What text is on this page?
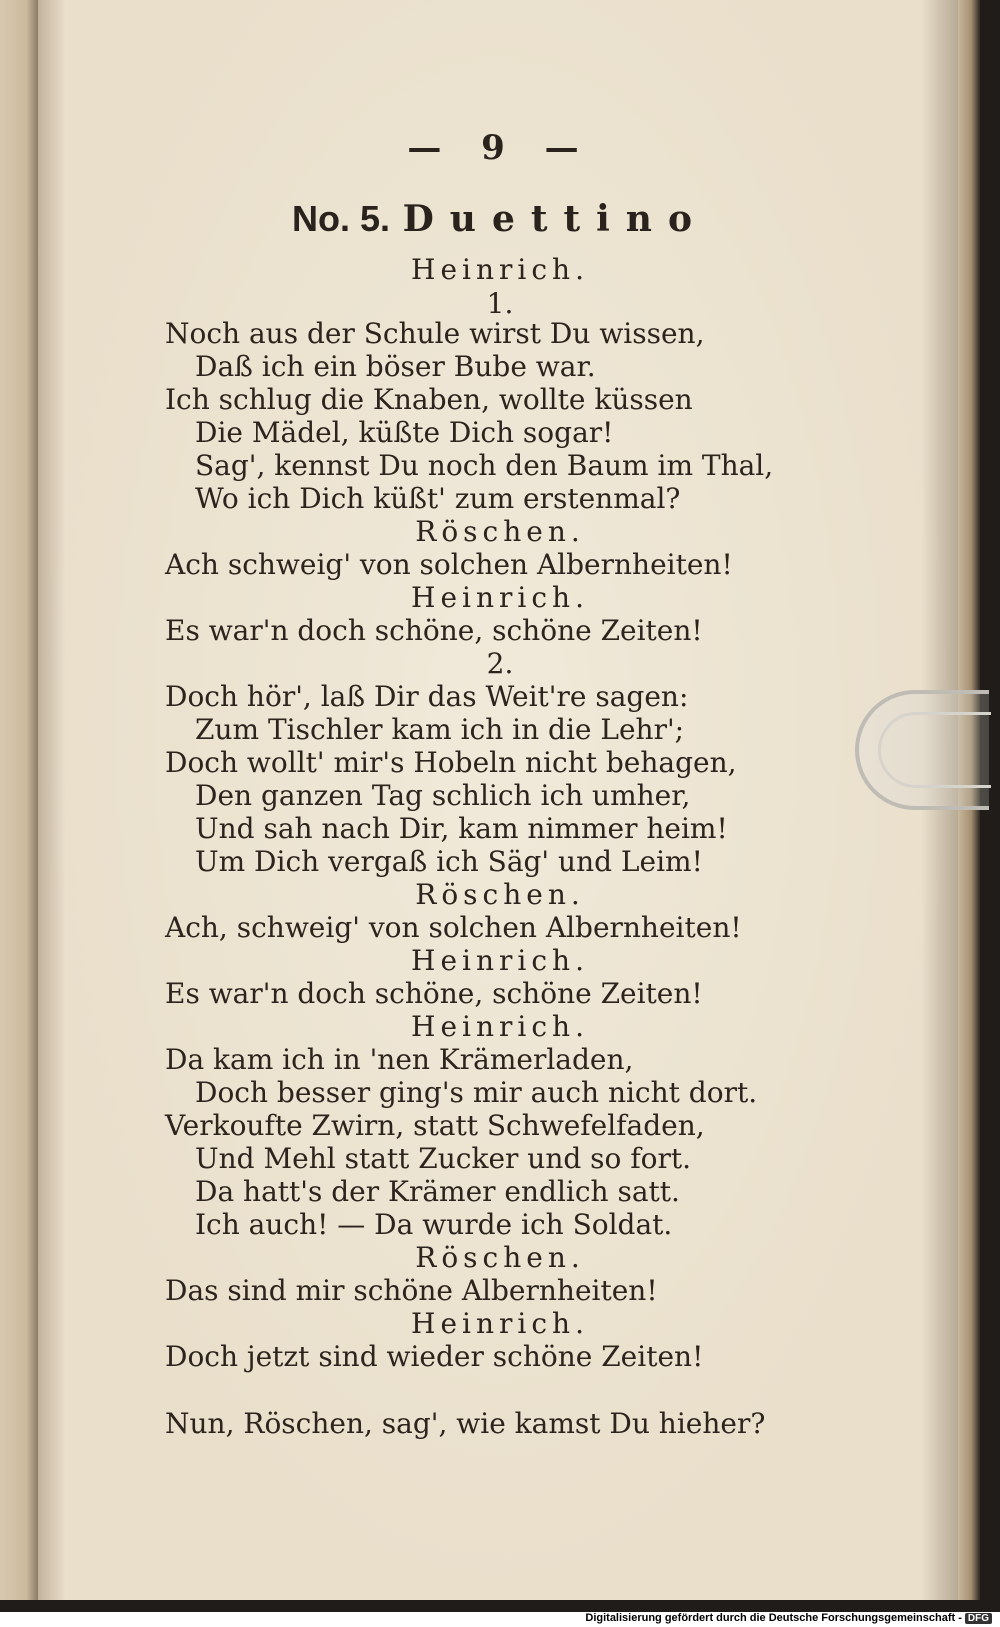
— 9 —
No. 5. Duettino
Heinrich.
1.
Noch aus der Schule wirst Du wissen,
Daß ich ein böser Bube war.
Ich schlug die Knaben, wollte küssen
Die Mädel, küßte Dich sogar!
Sag', kennst Du noch den Baum im Thal,
Wo ich Dich küßt' zum erstenmal?
Röschen.
Ach schweig' von solchen Albernheiten!
Heinrich.
Es war'n doch schöne, schöne Zeiten!
2.
Doch hör', laß Dir das Weit're sagen:
Zum Tischler kam ich in die Lehr';
Doch wollt' mir's Hobeln nicht behagen,
Den ganzen Tag schlich ich umher,
Und sah nach Dir, kam nimmer heim!
Um Dich vergaß ich Säg' und Leim!
Röschen.
Ach, schweig' von solchen Albernheiten!
Heinrich.
Es war'n doch schöne, schöne Zeiten!
Heinrich.
Da kam ich in 'nen Krämerladen,
Doch besser ging's mir auch nicht dort.
Verkoufte Zwirn, statt Schwefelfaden,
Und Mehl statt Zucker und so fort.
Da hatt's der Krämer endlich satt.
Ich auch! — Da wurde ich Soldat.
Röschen.
Das sind mir schöne Albernheiten!
Heinrich.
Doch jetzt sind wieder schöne Zeiten!
Nun, Röschen, sag', wie kamst Du hieher?
Digitalisierung gefördert durch die Deutsche Forschungsgemeinschaft - DFG
